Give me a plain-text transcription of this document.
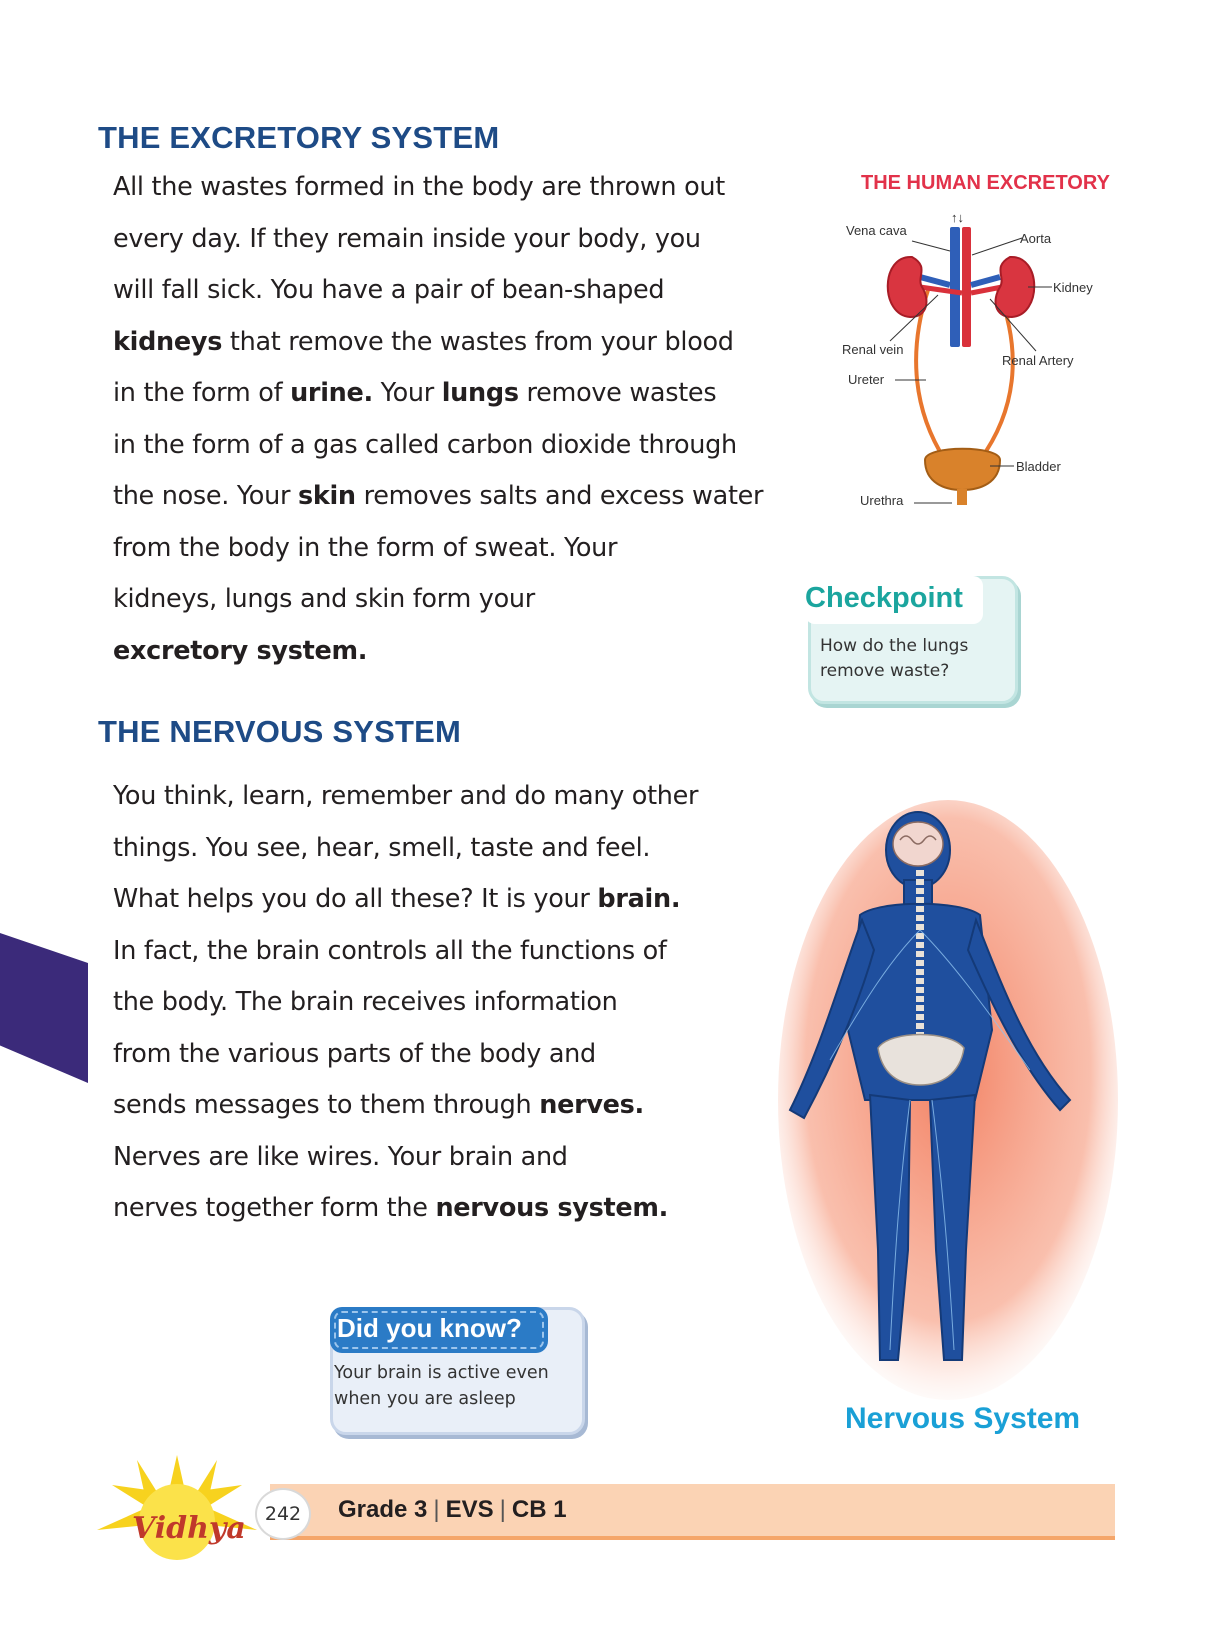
THE EXCRETORY SYSTEM
All the wastes formed in the body are thrown out
every day. If they remain inside your body, you
will fall sick. You have a pair of bean-shaped
kidneys that remove the wastes from your blood
in the form of urine. Your lungs remove wastes
in the form of a gas called carbon dioxide through
the nose. Your skin removes salts and excess water
from the body in the form of sweat. Your
kidneys, lungs and skin form your
excretory system.
THE HUMAN EXCRETORY
↑↓
Vena cava
Aorta
Kidney
Renal vein
Renal Artery
Ureter
Bladder
Urethra
Checkpoint
How do the lungs remove waste?
THE NERVOUS SYSTEM
You think, learn, remember and do many other
things. You see, hear, smell, taste and feel.
What helps you do all these? It is your brain.
In fact, the brain controls all the functions of
the body. The brain receives information
from the various parts of the body and
sends messages to them through nerves.
Nerves are like wires. Your brain and
nerves together form the nervous system.
Did you know?
Your brain is active even when you are asleep
Nervous System
242	Grade 3 | EVS | CB 1
Vidhya
